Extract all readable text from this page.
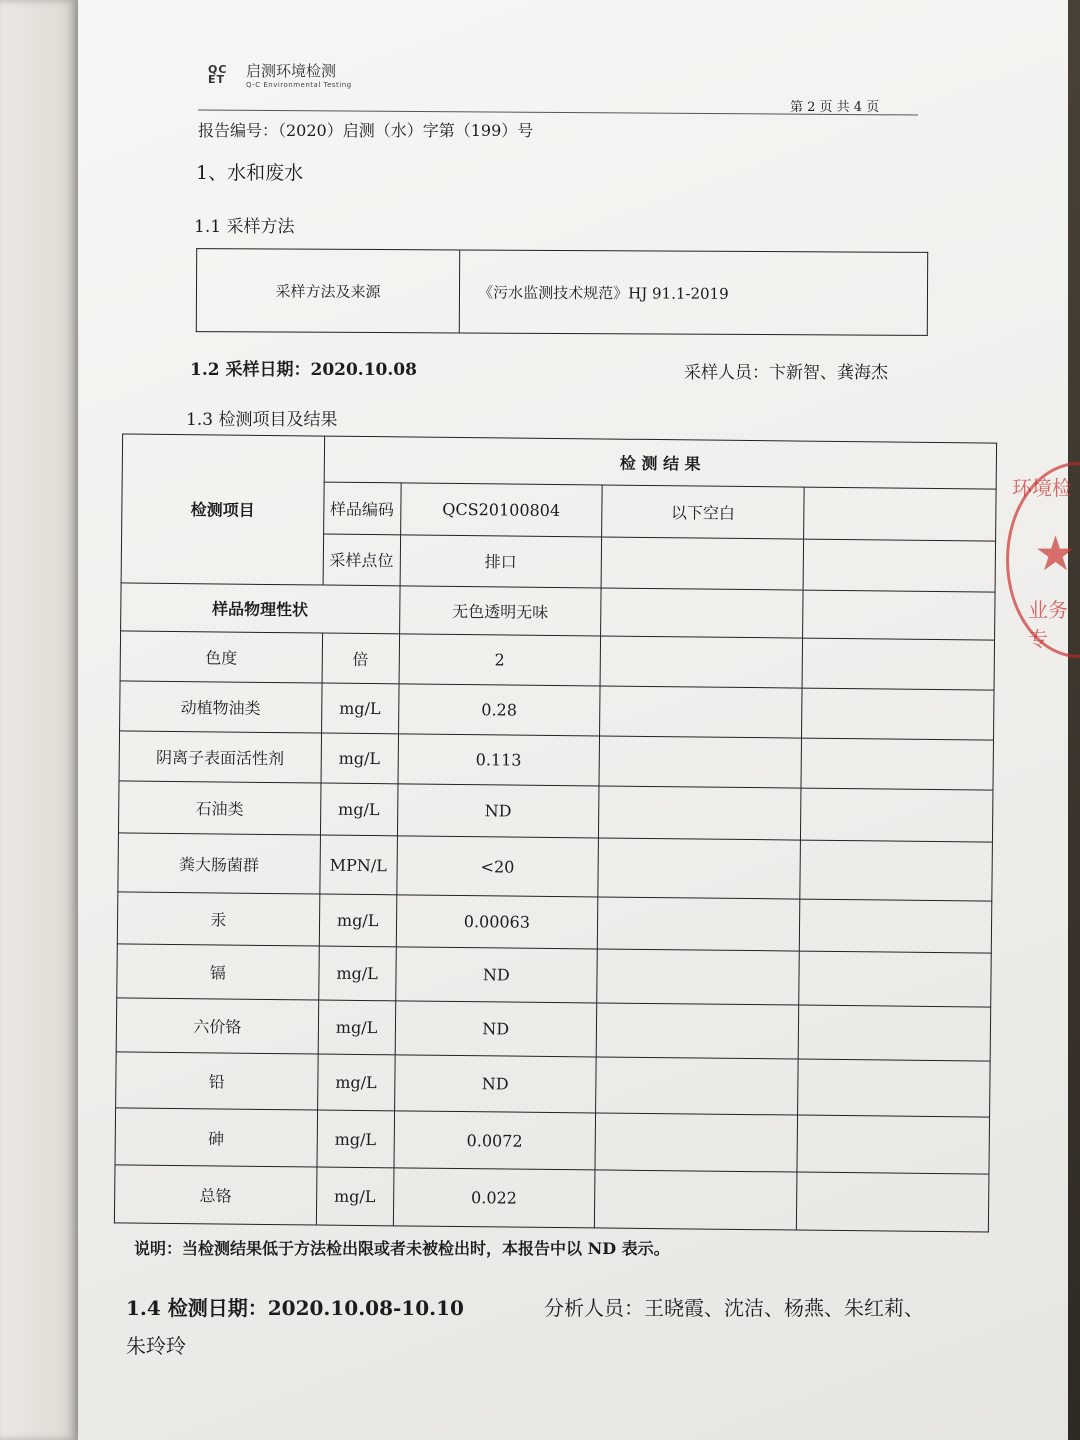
QC ET	启测环境检测
Q-C Environmental Testing
第 2 页 共 4 页
报告编号：（2020）启测（水）字第（199）号
1、水和废水
1.1 采样方法
采样方法及来源	《污水监测技术规范》HJ 91.1-2019
1.2 采样日期：2020.10.08	采样人员：卞新智、龚海杰
1.3 检测项目及结果
检测项目	检 测 结 果			
	样品编码	QCS20100804	以下空白	
	采样点位	排口		
样品物理性状		无色透明无味		
色度	倍	2		
动植物油类	mg/L	0.28		
阴离子表面活性剂	mg/L	0.113		
石油类	mg/L	ND		
粪大肠菌群	MPN/L	<20		
汞	mg/L	0.00063		
镉	mg/L	ND		
六价铬	mg/L	ND		
铅	mg/L	ND		
砷	mg/L	0.0072		
总铬	mg/L	0.022		
说明：当检测结果低于方法检出限或者未被检出时，本报告中以 ND 表示。
1.4 检测日期：2020.10.08-10.10	分析人员：王晓霞、沈洁、杨燕、朱红莉、
朱玲玲
环境检
★
业务专
